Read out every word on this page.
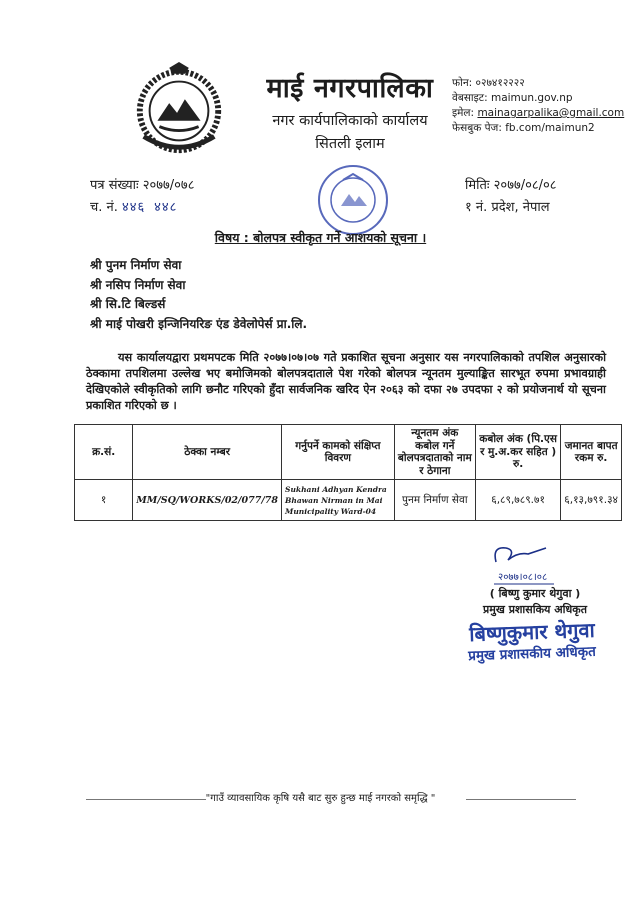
माई नगरपालिका
नगर कार्यपालिकाको कार्यालय
सितली इलाम
फोन: ०२७४१२२२२
वेबसाइट: maimun.gov.np
इमेल: mainagarpalika@gmail.com
फेसबुक पेज: fb.com/maimun2
पत्र संख्याः २०७७/०७८
च. नं. ४४६ ४४८
मितिः २०७७/०८/०८
१ नं. प्रदेश, नेपाल
विषय : बोलपत्र स्वीकृत गर्ने आशयको सूचना ।
श्री पुनम निर्माण सेवा
श्री नसिप निर्माण सेवा
श्री सि.टि बिल्डर्स
श्री माई पोखरी इन्जिनियरिङ एंड डेवेलोपेर्स प्रा.लि.
यस कार्यालयद्वारा प्रथमपटक मिति २०७७।०७।०७ गते प्रकाशित सूचना अनुसार यस नगरपालिकाको तपशिल अनुसारको ठेक्कामा तपशिलमा उल्लेख भए बमोजिमको बोलपत्रदाताले पेश गरेको बोलपत्र न्यूनतम मुल्याङ्कित सारभूत रुपमा प्रभावग्राही देखिएकोले स्वीकृतिको लागि छनौट गरिएको हुँदा सार्वजनिक खरिद ऐन २०६३ को दफा २७ उपदफा २ को प्रयोजनार्थ यो सूचना प्रकाशित गरिएको छ ।
क्र.सं.	ठेक्का नम्बर	गर्नुपर्ने कामको संक्षिप्त विवरण	न्यूनतम अंक कबोल गर्ने बोलपत्रदाताको नाम र ठेगाना	कबोल अंक (पि.एस र मु.अ.कर सहित ) रु.	जमानत बापत रकम रु.
१	MM/SQ/WORKS/02/077/78	Sukhani Adhyan Kendra Bhawan Nirman in Mai Municipality Ward-04	पुनम निर्माण सेवा	६,८९,७८९.७१	६,१३,७९१.३४
२०७७।०८।०८
( बिष्णु कुमार थेगुवा )
प्रमुख प्रशासकिय अधिकृत
बिष्णुकुमार थेगुवा
प्रमुख प्रशासकीय अधिकृत
"गाउँ व्यावसायिक कृषि यसै बाट सुरु हुन्छ माई नगरको समृद्धि "
